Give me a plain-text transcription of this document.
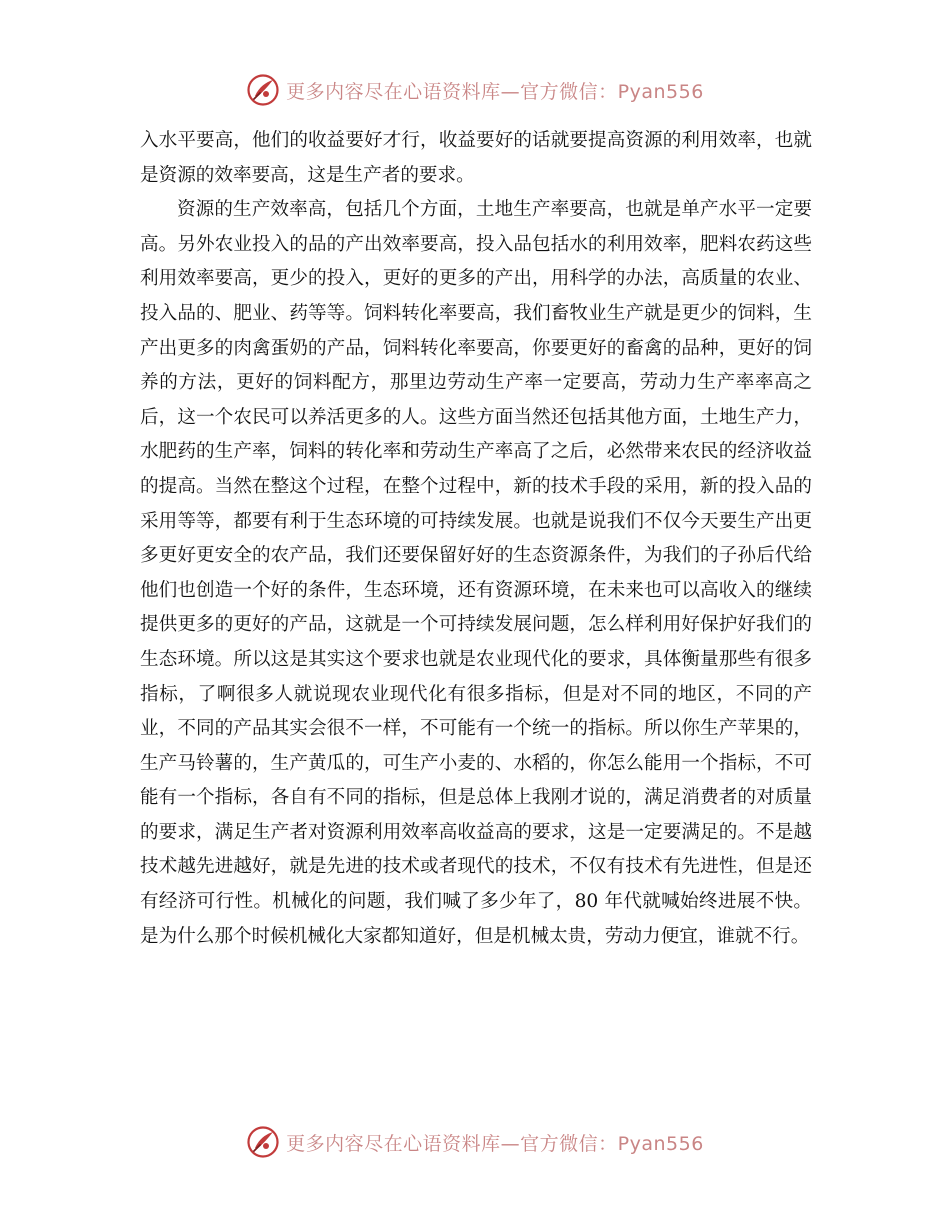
更多内容尽在心语资料库—官方微信：Pyan556

入水平要高，他们的收益要好才行，收益要好的话就要提高资源的利用效率，也就是资源的效率要高，这是生产者的要求。

资源的生产效率高，包括几个方面，土地生产率要高，也就是单产水平一定要高。另外农业投入的品的产出效率要高，投入品包括水的利用效率，肥料农药这些利用效率要高，更少的投入，更好的更多的产出，用科学的办法，高质量的农业、投入品的、肥业、药等等。饲料转化率要高，我们畜牧业生产就是更少的饲料，生产出更多的肉禽蛋奶的产品，饲料转化率要高，你要更好的畜禽的品种，更好的饲养的方法，更好的饲料配方，那里边劳动生产率一定要高，劳动力生产率率高之后，这一个农民可以养活更多的人。这些方面当然还包括其他方面，土地生产力，水肥药的生产率，饲料的转化率和劳动生产率高了之后，必然带来农民的经济收益的提高。当然在整这个过程，在整个过程中，新的技术手段的采用，新的投入品的采用等等，都要有利于生态环境的可持续发展。也就是说我们不仅今天要生产出更多更好更安全的农产品，我们还要保留好好的生态资源条件，为我们的子孙后代给他们也创造一个好的条件，生态环境，还有资源环境，在未来也可以高收入的继续提供更多的更好的产品，这就是一个可持续发展问题，怎么样利用好保护好我们的生态环境。所以这是其实这个要求也就是农业现代化的要求，具体衡量那些有很多指标，了啊很多人就说现农业现代化有很多指标，但是对不同的地区，不同的产业，不同的产品其实会很不一样，不可能有一个统一的指标。所以你生产苹果的，生产马铃薯的，生产黄瓜的，可生产小麦的、水稻的，你怎么能用一个指标，不可能有一个指标，各自有不同的指标，但是总体上我刚才说的，满足消费者的对质量的要求，满足生产者对资源利用效率高收益高的要求，这是一定要满足的。不是越技术越先进越好，就是先进的技术或者现代的技术，不仅有技术有先进性，但是还有经济可行性。机械化的问题，我们喊了多少年了，80 年代就喊始终进展不快。是为什么那个时候机械化大家都知道好，但是机械太贵，劳动力便宜，谁就不行。

更多内容尽在心语资料库—官方微信：Pyan556
